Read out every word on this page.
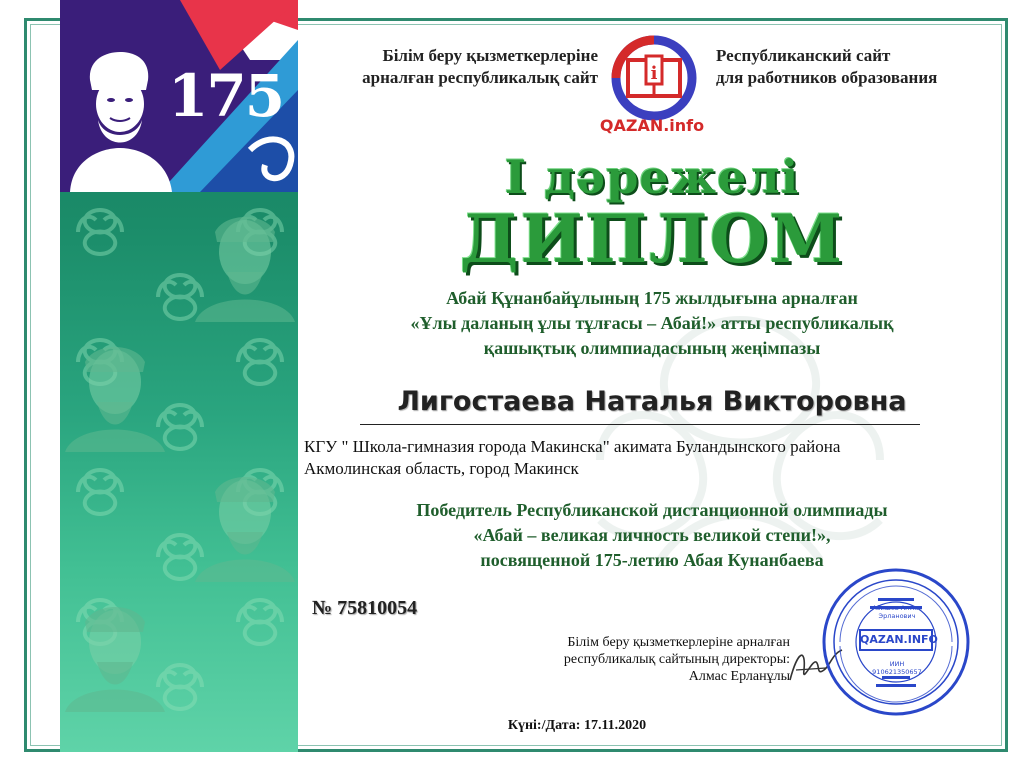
175
Білім беру қызметкерлеріне
арналған республикалық сайт
Республиканский сайт
для работников образования
i
QAZAN.info
I дәрежелі
ДИПЛОМ
Абай Құнанбайұлының 175 жылдығына арналған
«Ұлы даланың ұлы тұлғасы – Абай!» атты республикалық
қашықтық олимпиадасының жеңімпазы
Лигостаева Наталья Викторовна
КГУ " Школа-гимназия города Макинска" акимата Буландынского района
Акмолинская область, город Макинск
Победитель Республиканской дистанционной олимпиады
«Абай – великая личность великой степи!»,
посвященной 175-летию Абая Кунанбаева
№ 75810054
Білім беру қызметкерлеріне арналған
республикалық сайтының директоры:
Алмас Ерланұлы
QAZAN.INFO
Абишев Алмас Эрланович
ИИН 910621350657
Күні:/Дата: 17.11.2020
